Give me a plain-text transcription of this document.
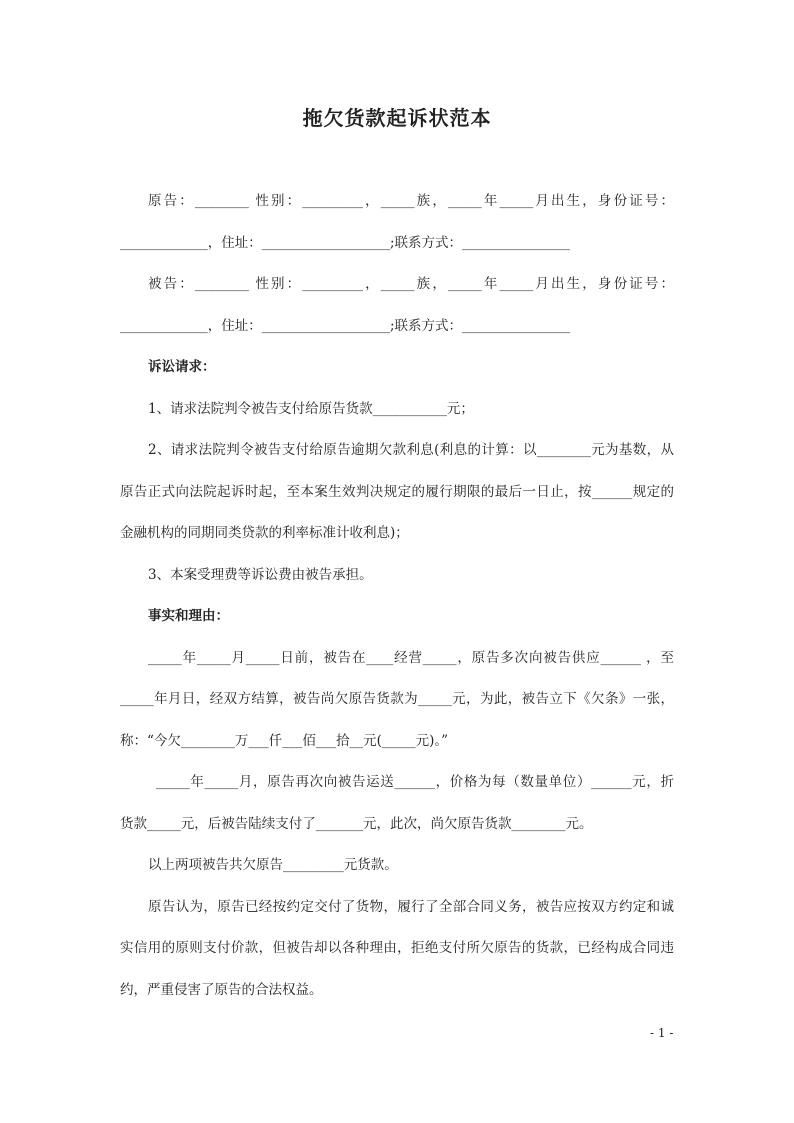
拖欠货款起诉状范本
原告：________ 性别：_________，_____族，_____年_____月出生，身份证号：
_____________，住址：___________________;联系方式：________________
被告：________ 性别：_________，_____族，_____年_____月出生，身份证号：
_____________，住址：___________________;联系方式：________________
诉讼请求：
1、请求法院判令被告支付给原告货款___________元；
2、请求法院判令被告支付给原告逾期欠款利息(利息的计算：以________元为基数，从
原告正式向法院起诉时起，至本案生效判决规定的履行期限的最后一日止，按______规定的
金融机构的同期同类贷款的利率标准计收利息)；
3、本案受理费等诉讼费由被告承担。
事实和理由：
_____年_____月_____日前，被告在____经营_____，原告多次向被告供应______ ，至
_____年月日，经双方结算，被告尚欠原告货款为_____元，为此，被告立下《欠条》一张，
称：“今欠________万___仟___佰___拾__元(_____元)。”
_____年_____月，原告再次向被告运送______，价格为每（数量单位）______元，折
货款_____元，后被告陆续支付了_______元，此次，尚欠原告货款________元。
以上两项被告共欠原告_________元货款。
原告认为，原告已经按约定交付了货物，履行了全部合同义务，被告应按双方约定和诚
实信用的原则支付价款，但被告却以各种理由，拒绝支付所欠原告的货款，已经构成合同违
约，严重侵害了原告的合法权益。
- 1 -
